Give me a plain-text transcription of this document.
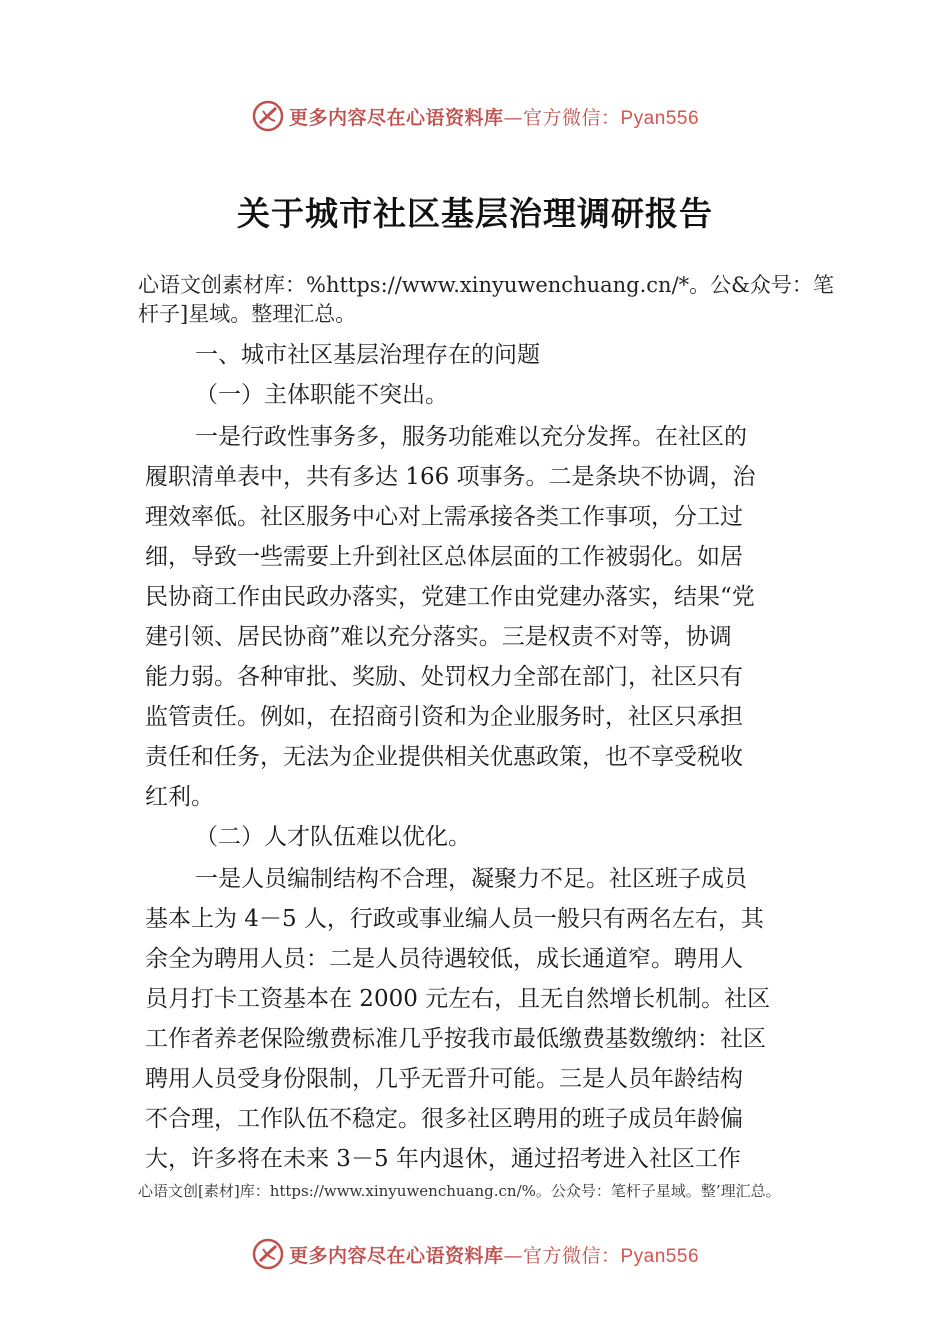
更多内容尽在心语资料库—官方微信：Pyan556
关于城市社区基层治理调研报告
心语文创素材库：%https://www.xinyuwenchuang.cn/*。公&众号：笔杆子]星域。整理汇总。
一、城市社区基层治理存在的问题
（一）主体职能不突出。
一是行政性事务多，服务功能难以充分发挥。在社区的
履职清单表中，共有多达 166 项事务。二是条块不协调，治
理效率低。社区服务中心对上需承接各类工作事项，分工过
细，导致一些需要上升到社区总体层面的工作被弱化。如居
民协商工作由民政办落实，党建工作由党建办落实，结果“党
建引领、居民协商”难以充分落实。三是权责不对等，协调
能力弱。各种审批、奖励、处罚权力全部在部门，社区只有
监管责任。例如，在招商引资和为企业服务时，社区只承担
责任和任务，无法为企业提供相关优惠政策，也不享受税收
红利。
（二）人才队伍难以优化。
一是人员编制结构不合理，凝聚力不足。社区班子成员
基本上为 4－5 人，行政或事业编人员一般只有两名左右，其
余全为聘用人员：二是人员待遇较低，成长通道窄。聘用人
员月打卡工资基本在 2000 元左右，且无自然增长机制。社区
工作者养老保险缴费标准几乎按我市最低缴费基数缴纳：社区
聘用人员受身份限制，几乎无晋升可能。三是人员年龄结构
不合理，工作队伍不稳定。很多社区聘用的班子成员年龄偏
大，许多将在未来 3－5 年内退休，通过招考进入社区工作
心语文创[素材]库：https://www.xinyuwenchuang.cn/%。公众号：笔杆子星域。整’理汇总。
更多内容尽在心语资料库—官方微信：Pyan556
